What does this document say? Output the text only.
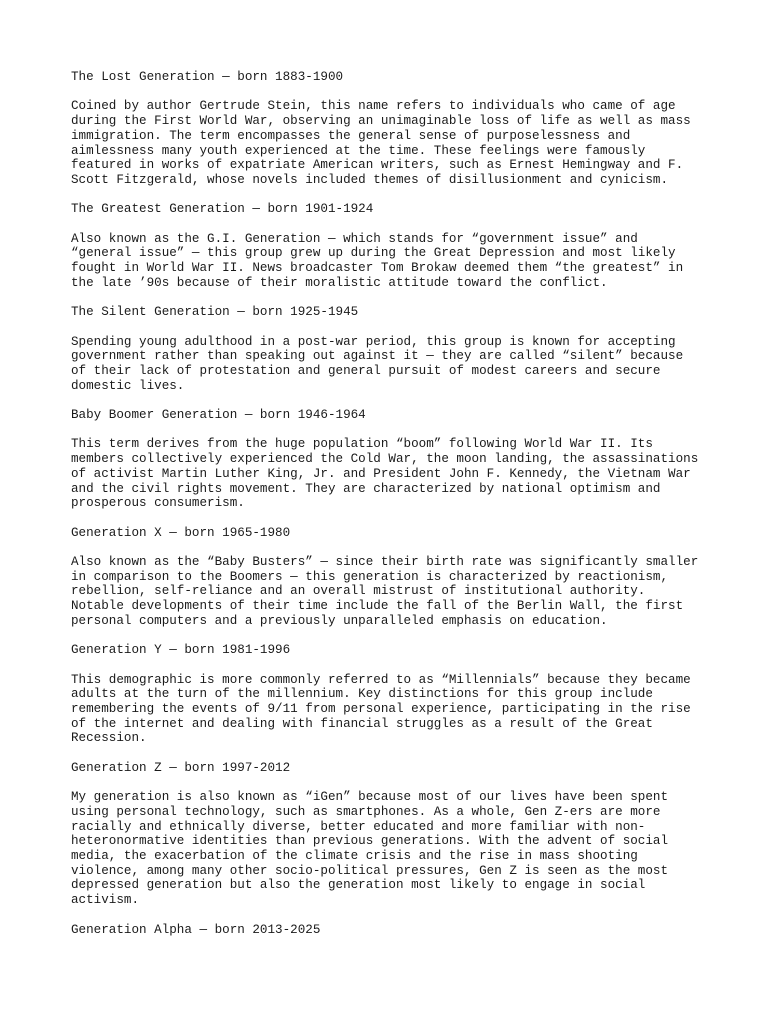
The Lost Generation — born 1883-1900

Coined by author Gertrude Stein, this name refers to individuals who came of age
during the First World War, observing an unimaginable loss of life as well as mass
immigration. The term encompasses the general sense of purposelessness and
aimlessness many youth experienced at the time. These feelings were famously
featured in works of expatriate American writers, such as Ernest Hemingway and F.
Scott Fitzgerald, whose novels included themes of disillusionment and cynicism.

The Greatest Generation — born 1901-1924

Also known as the G.I. Generation — which stands for “government issue” and
“general issue” — this group grew up during the Great Depression and most likely
fought in World War II. News broadcaster Tom Brokaw deemed them “the greatest” in
the late ’90s because of their moralistic attitude toward the conflict.

The Silent Generation — born 1925-1945

Spending young adulthood in a post-war period, this group is known for accepting
government rather than speaking out against it — they are called “silent” because
of their lack of protestation and general pursuit of modest careers and secure
domestic lives.

Baby Boomer Generation — born 1946-1964

This term derives from the huge population “boom” following World War II. Its
members collectively experienced the Cold War, the moon landing, the assassinations
of activist Martin Luther King, Jr. and President John F. Kennedy, the Vietnam War
and the civil rights movement. They are characterized by national optimism and
prosperous consumerism.

Generation X — born 1965-1980

Also known as the “Baby Busters” — since their birth rate was significantly smaller
in comparison to the Boomers — this generation is characterized by reactionism,
rebellion, self-reliance and an overall mistrust of institutional authority.
Notable developments of their time include the fall of the Berlin Wall, the first
personal computers and a previously unparalleled emphasis on education.

Generation Y — born 1981-1996

This demographic is more commonly referred to as “Millennials” because they became
adults at the turn of the millennium. Key distinctions for this group include
remembering the events of 9/11 from personal experience, participating in the rise
of the internet and dealing with financial struggles as a result of the Great
Recession.

Generation Z — born 1997-2012

My generation is also known as “iGen” because most of our lives have been spent
using personal technology, such as smartphones. As a whole, Gen Z-ers are more
racially and ethnically diverse, better educated and more familiar with non-
heteronormative identities than previous generations. With the advent of social
media, the exacerbation of the climate crisis and the rise in mass shooting
violence, among many other socio-political pressures, Gen Z is seen as the most
depressed generation but also the generation most likely to engage in social
activism.

Generation Alpha — born 2013-2025
